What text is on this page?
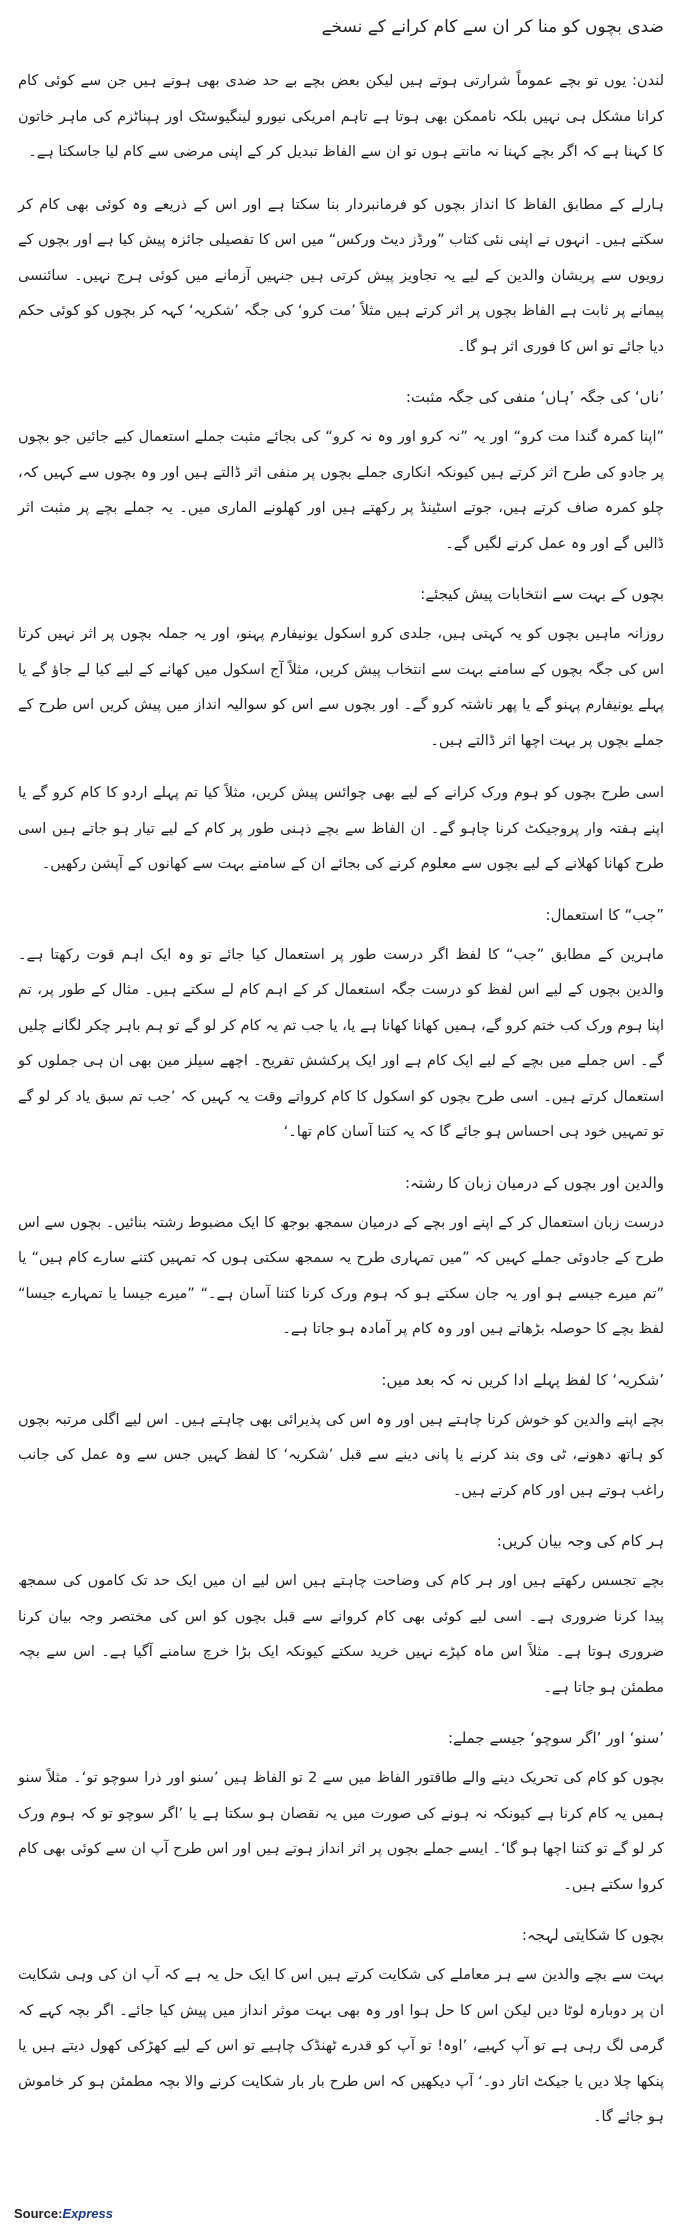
ضدی بچوں کو منا کر ان سے کام کرانے کے نسخے

لندن: یوں تو بچے عموماً شرارتی ہوتے ہیں لیکن بعض بچے بے حد ضدی بھی ہوتے ہیں جن سے کوئی کام کرانا مشکل ہی نہیں بلکہ ناممکن بھی ہوتا ہے تاہم امریکی نیورو لینگیوسٹک اور ہپناٹزم کی ماہر خاتون کا کہنا ہے کہ اگر بچے کہنا نہ مانتے ہوں تو ان سے الفاظ تبدیل کر کے اپنی مرضی سے کام لیا جاسکتا ہے۔

ہارلے کے مطابق الفاظ کا انداز بچوں کو فرمانبردار بنا سکتا ہے اور اس کے ذریعے وہ کوئی بھی کام کر سکتے ہیں۔ انہوں نے اپنی نئی کتاب ”ورڈز دیٹ ورکس“ میں اس کا تفصیلی جائزہ پیش کیا ہے اور بچوں کے رویوں سے پریشان والدین کے لیے یہ تجاویز پیش کرتی ہیں جنہیں آزمانے میں کوئی ہرج نہیں۔ سائنسی پیمانے پر ثابت ہے الفاظ بچوں پر اثر کرتے ہیں مثلاً ’مت کرو‘ کی جگہ ’شکریہ‘ کہہ کر بچوں کو کوئی حکم دیا جائے تو اس کا فوری اثر ہو گا۔

’ناں‘ کی جگہ ’ہاں‘ منفی کی جگہ مثبت:

”اپنا کمرہ گندا مت کرو“ اور یہ ”نہ کرو اور وہ نہ کرو“ کی بجائے مثبت جملے استعمال کیے جائیں جو بچوں پر جادو کی طرح اثر کرتے ہیں کیونکہ انکاری جملے بچوں پر منفی اثر ڈالتے ہیں اور وہ بچوں سے کہیں کہ، چلو کمرہ صاف کرتے ہیں، جوتے اسٹینڈ پر رکھتے ہیں اور کھلونے الماری میں۔ یہ جملے بچے پر مثبت اثر ڈالیں گے اور وہ عمل کرنے لگیں گے۔

بچوں کے بہت سے انتخابات پیش کیجئے:

روزانہ ماہیں بچوں کو یہ کہتی ہیں، جلدی کرو اسکول یونیفارم پہنو، اور یہ جملہ بچوں پر اثر نہیں کرتا اس کی جگہ بچوں کے سامنے بہت سے انتخاب پیش کریں، مثلاً آج اسکول میں کھانے کے لیے کیا لے جاؤ گے یا پہلے یونیفارم پہنو گے یا پھر ناشتہ کرو گے۔ اور بچوں سے اس کو سوالیہ انداز میں پیش کریں اس طرح کے جملے بچوں پر بہت اچھا اثر ڈالتے ہیں۔

اسی طرح بچوں کو ہوم ورک کرانے کے لیے بھی چوائس پیش کریں، مثلاً کیا تم پہلے اردو کا کام کرو گے یا اپنے ہفتہ وار پروجیکٹ کرنا چاہو گے۔ ان الفاظ سے بچے ذہنی طور پر کام کے لیے تیار ہو جاتے ہیں اسی طرح کھانا کھلانے کے لیے بچوں سے معلوم کرنے کی بجائے ان کے سامنے بہت سے کھانوں کے آپشن رکھیں۔

”جب“ کا استعمال:

ماہرین کے مطابق ”جب“ کا لفظ اگر درست طور پر استعمال کیا جائے تو وہ ایک اہم قوت رکھتا ہے۔ والدین بچوں کے لیے اس لفظ کو درست جگہ استعمال کر کے اہم کام لے سکتے ہیں۔ مثال کے طور پر، تم اپنا ہوم ورک کب ختم کرو گے، ہمیں کھانا کھانا ہے یا، یا جب تم یہ کام کر لو گے تو ہم باہر چکر لگانے چلیں گے۔ اس جملے میں بچے کے لیے ایک کام ہے اور ایک پرکشش تفریح۔ اچھے سیلز مین بھی ان ہی جملوں کو استعمال کرتے ہیں۔ اسی طرح بچوں کو اسکول کا کام کرواتے وقت یہ کہیں کہ ’جب تم سبق یاد کر لو گے تو تمہیں خود ہی احساس ہو جائے گا کہ یہ کتنا آسان کام تھا۔‘

والدین اور بچوں کے درمیان زبان کا رشتہ:

درست زبان استعمال کر کے اپنے اور بچے کے درمیان سمجھ بوجھ کا ایک مضبوط رشتہ بنائیں۔ بچوں سے اس طرح کے جادوئی جملے کہیں کہ ”میں تمہاری طرح یہ سمجھ سکتی ہوں کہ تمہیں کتنے سارے کام ہیں“ یا ”تم میرے جیسے ہو اور یہ جان سکتے ہو کہ ہوم ورک کرنا کتنا آسان ہے۔“ ”میرے جیسا یا تمہارے جیسا“ لفظ بچے کا حوصلہ بڑھاتے ہیں اور وہ کام پر آمادہ ہو جاتا ہے۔

’شکریہ‘ کا لفظ پہلے ادا کریں نہ کہ بعد میں:

بچے اپنے والدین کو خوش کرنا چاہتے ہیں اور وہ اس کی پذیرائی بھی چاہتے ہیں۔ اس لیے اگلی مرتبہ بچوں کو ہاتھ دھونے، ٹی وی بند کرنے یا پانی دینے سے قبل ’شکریہ‘ کا لفظ کہیں جس سے وہ عمل کی جانب راغب ہوتے ہیں اور کام کرتے ہیں۔

ہر کام کی وجہ بیان کریں:

بچے تجسس رکھتے ہیں اور ہر کام کی وضاحت چاہتے ہیں اس لیے ان میں ایک حد تک کاموں کی سمجھ پیدا کرنا ضروری ہے۔ اسی لیے کوئی بھی کام کروانے سے قبل بچوں کو اس کی مختصر وجہ بیان کرنا ضروری ہوتا ہے۔ مثلاً اس ماہ کپڑے نہیں خرید سکتے کیونکہ ایک بڑا خرچ سامنے آگیا ہے۔ اس سے بچہ مطمئن ہو جاتا ہے۔

’سنو‘ اور ’اگر سوچو‘ جیسے جملے:

بچوں کو کام کی تحریک دینے والے طاقتور الفاظ میں سے 2 تو الفاظ ہیں ’سنو اور ذرا سوچو تو‘۔ مثلاً سنو ہمیں یہ کام کرنا ہے کیونکہ نہ ہونے کی صورت میں یہ نقصان ہو سکتا ہے یا ’اگر سوچو تو کہ ہوم ورک کر لو گے تو کتنا اچھا ہو گا‘۔ ایسے جملے بچوں پر اثر انداز ہوتے ہیں اور اس طرح آپ ان سے کوئی بھی کام کروا سکتے ہیں۔

بچوں کا شکایتی لہجہ:

بہت سے بچے والدین سے ہر معاملے کی شکایت کرتے ہیں اس کا ایک حل یہ ہے کہ آپ ان کی وہی شکایت ان پر دوبارہ لوٹا دیں لیکن اس کا حل ہوا اور وہ بھی بہت موثر انداز میں پیش کیا جائے۔ اگر بچہ کہے کہ گرمی لگ رہی ہے تو آپ کہیے، ’اوہ! تو آپ کو قدرے ٹھنڈک چاہیے تو اس کے لیے کھڑکی کھول دیتے ہیں یا پنکھا چلا دیں یا جیکٹ اتار دو۔‘ آپ دیکھیں کہ اس طرح بار بار شکایت کرنے والا بچہ مطمئن ہو کر خاموش ہو جائے گا۔

Source:Express
